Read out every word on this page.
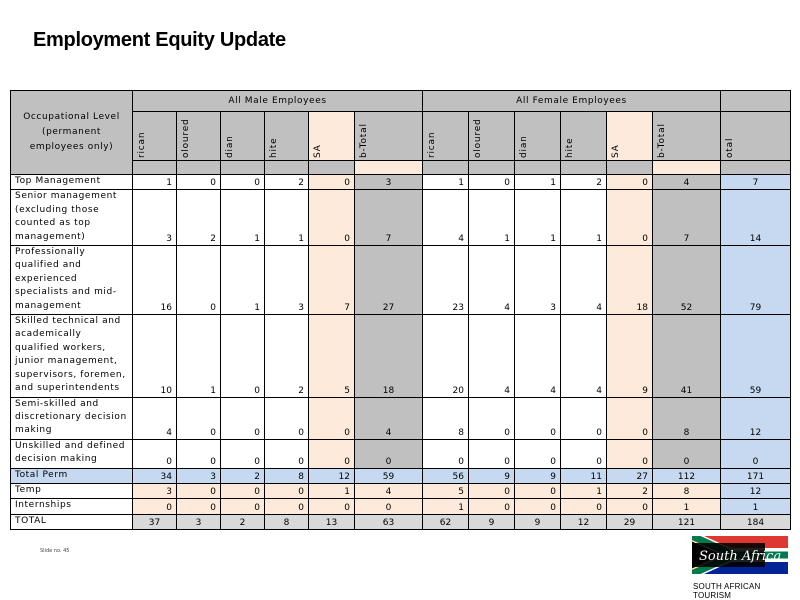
Employment Equity Update
Occupational Level (permanent employees only)	All Male Employees						All Female Employees						

	rican	oloured	dian	hite	SA	b-Total	rican	oloured	dian	hite	SA	b-Total	otal

Top Management	1	0	0	2	0	3	1	0	1	2	0	4	7
Senior management (excluding those counted as top management)	3	2	1	1	0	7	4	1	1	1	0	7	14
Professionally qualified and experienced specialists and mid-management	16	0	1	3	7	27	23	4	3	4	18	52	79
Skilled technical and academically qualified workers, junior management, supervisors, foremen, and superintendents	10	1	0	2	5	18	20	4	4	4	9	41	59
Semi-skilled and discretionary decision making	4	0	0	0	0	4	8	0	0	0	0	8	12
Unskilled and defined decision making	0	0	0	0	0	0	0	0	0	0	0	0	0
Total Perm	34	3	2	8	12	59	56	9	9	11	27	112	171
Temp	3	0	0	0	1	4	5	0	0	1	2	8	12
Internships	0	0	0	0	0	0	1	0	0	0	0	1	1
TOTAL	37	3	2	8	13	63	62	9	9	12	29	121	184
Slide no. 45	South Africa
SOUTH AFRICAN TOURISM
